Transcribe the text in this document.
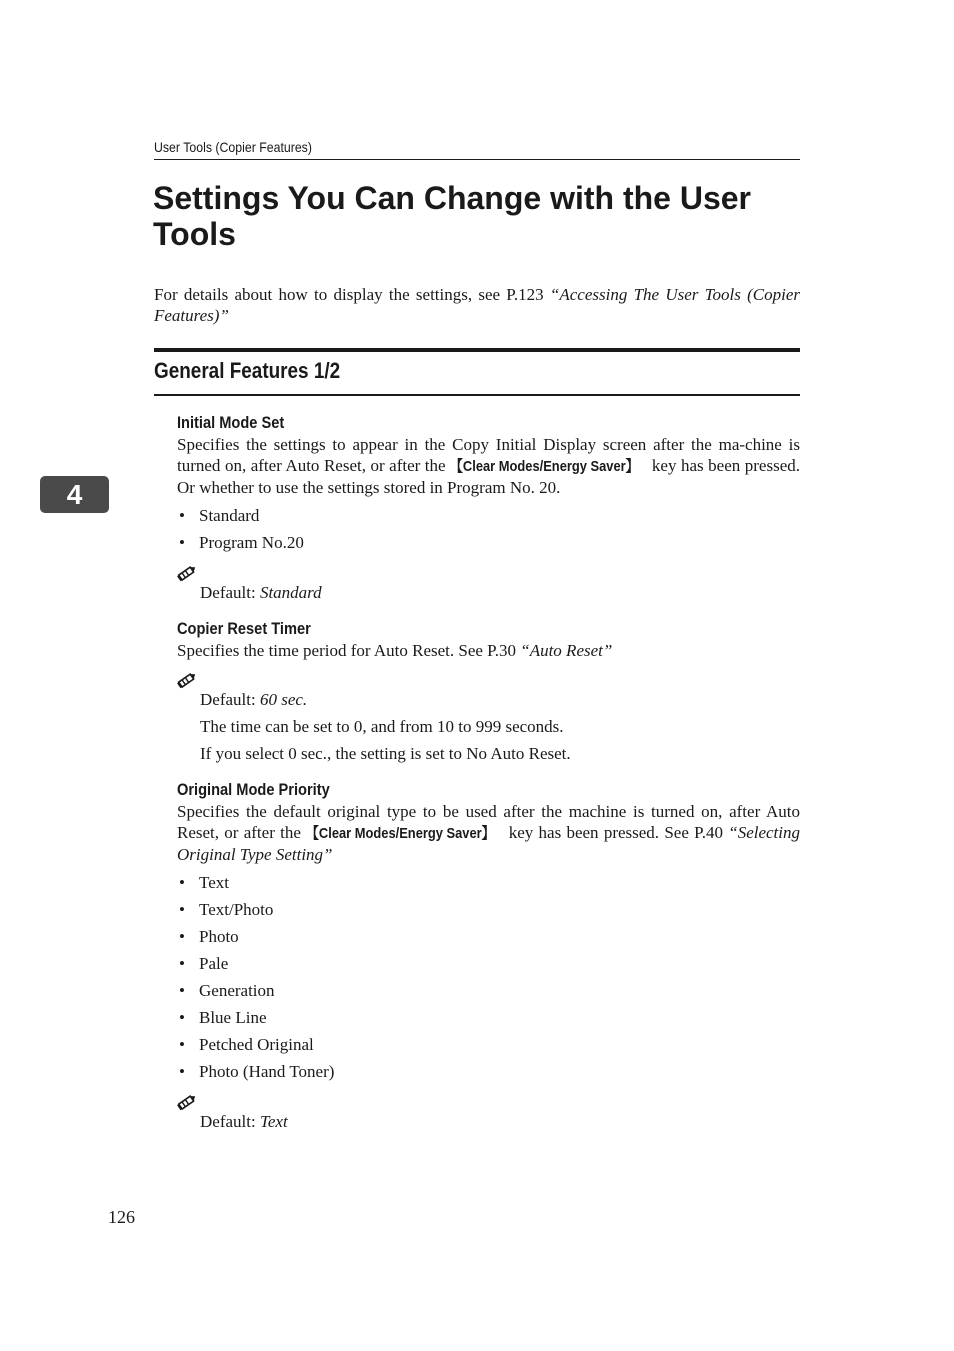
User Tools (Copier Features)
Settings You Can Change with the User Tools
For details about how to display the settings, see P.123 “Accessing The User Tools (Copier Features)”
General Features 1/2
4
Initial Mode Set
Specifies the settings to appear in the Copy Initial Display screen after the ma-chine is turned on, after Auto Reset, or after the 【Clear Modes/Energy Saver】 key has been pressed. Or whether to use the settings stored in Program No. 20.
• Standard
• Program No.20
Default: Standard
Copier Reset Timer
Specifies the time period for Auto Reset. See P.30 “Auto Reset”
Default: 60 sec.
The time can be set to 0, and from 10 to 999 seconds.
If you select 0 sec., the setting is set to No Auto Reset.
Original Mode Priority
Specifies the default original type to be used after the machine is turned on, after Auto Reset, or after the 【Clear Modes/Energy Saver】 key has been pressed. See P.40 “Selecting Original Type Setting”
• Text
• Text/Photo
• Photo
• Pale
• Generation
• Blue Line
• Petched Original
• Photo (Hand Toner)
Default: Text
126
